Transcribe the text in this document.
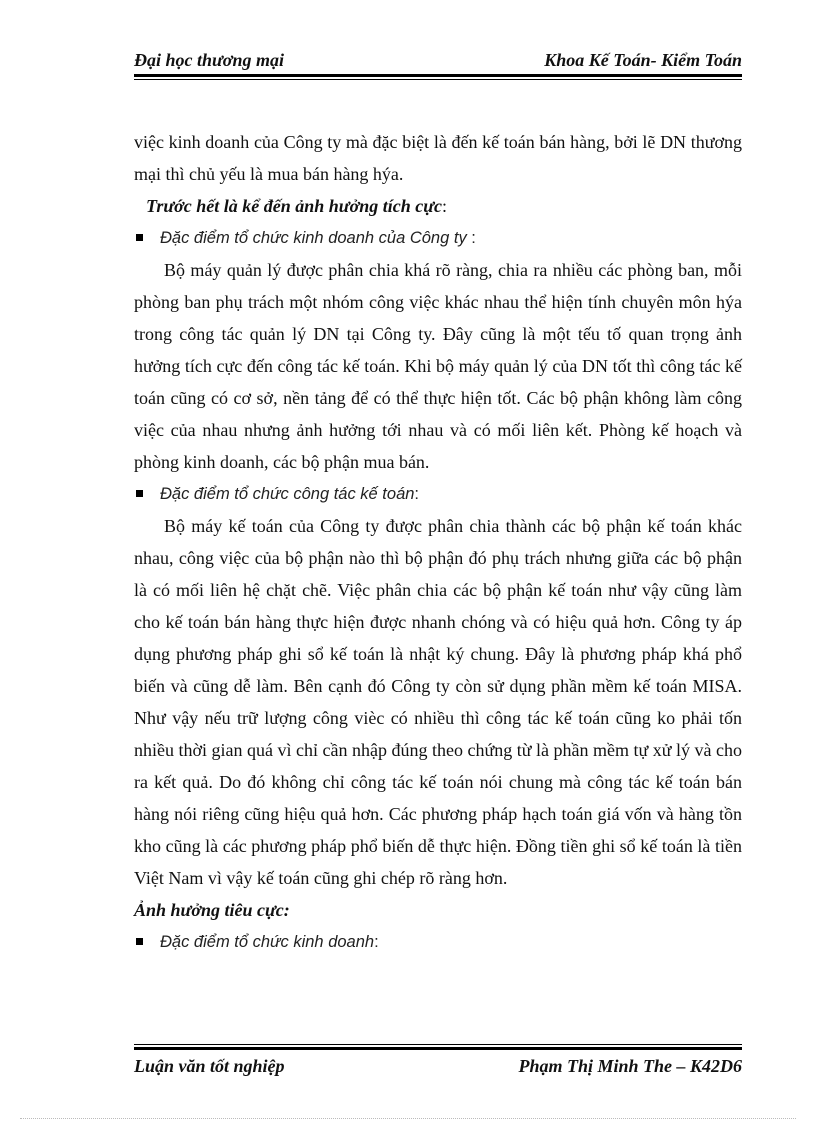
Đại học thương mại	Khoa Kế Toán- Kiểm Toán

việc kinh doanh của Công ty mà đặc biệt là đến kế toán bán hàng, bởi lẽ DN thương mại thì chủ yếu là mua bán hàng hýa.

Trước hết là kể đến ảnh hưởng tích cực:

Đặc điểm tổ chức kinh doanh của Công ty :

Bộ máy quản lý được phân chia khá rõ ràng, chia ra nhiều các phòng ban, mỗi phòng ban phụ trách một nhóm công việc khác nhau thể hiện tính chuyên môn hýa trong công tác quản lý DN tại Công ty. Đây cũng là một tếu tố quan trọng ảnh hưởng tích cực đến công tác kế toán. Khi bộ máy quản lý của DN tốt thì công tác kế toán cũng có cơ sở, nền tảng để có thể thực hiện tốt. Các bộ phận không làm công việc của nhau nhưng ảnh hưởng tới nhau và có mối liên kết. Phòng kế hoạch và phòng kinh doanh, các bộ phận mua bán.

Đặc điểm tổ chức công tác kế toán:

Bộ máy kế toán của Công ty được phân chia thành các bộ phận kế toán khác nhau, công việc của bộ phận nào thì bộ phận đó phụ trách nhưng giữa các bộ phận là có mối liên hệ chặt chẽ. Việc phân chia các bộ phận kế toán như vậy cũng làm cho kế toán bán hàng thực hiện được nhanh chóng và có hiệu quả hơn. Công ty áp dụng phương pháp ghi sổ kế toán là nhật ký chung. Đây là phương pháp khá phổ biến và cũng dễ làm. Bên cạnh đó Công ty còn sử dụng phần mềm kế toán MISA. Như vậy nếu trữ lượng công vièc có nhiều thì công tác kế toán cũng ko phải tốn nhiều thời gian quá vì chỉ cần nhập đúng theo chứng từ là phần mềm tự xử lý và cho ra kết quả. Do đó không chỉ công tác kế toán nói chung mà công tác kế toán bán hàng nói riêng cũng hiệu quả hơn. Các phương pháp hạch toán giá vốn và hàng tồn kho cũng là các phương pháp phổ biến dễ thực hiện. Đồng tiền ghi sổ kế toán là tiền Việt Nam vì vậy kế toán cũng ghi chép rõ ràng hơn.

Ảnh hưởng tiêu cực:

Đặc điểm tổ chức kinh doanh:

Luận văn tốt nghiệp	Phạm Thị Minh The – K42D6
